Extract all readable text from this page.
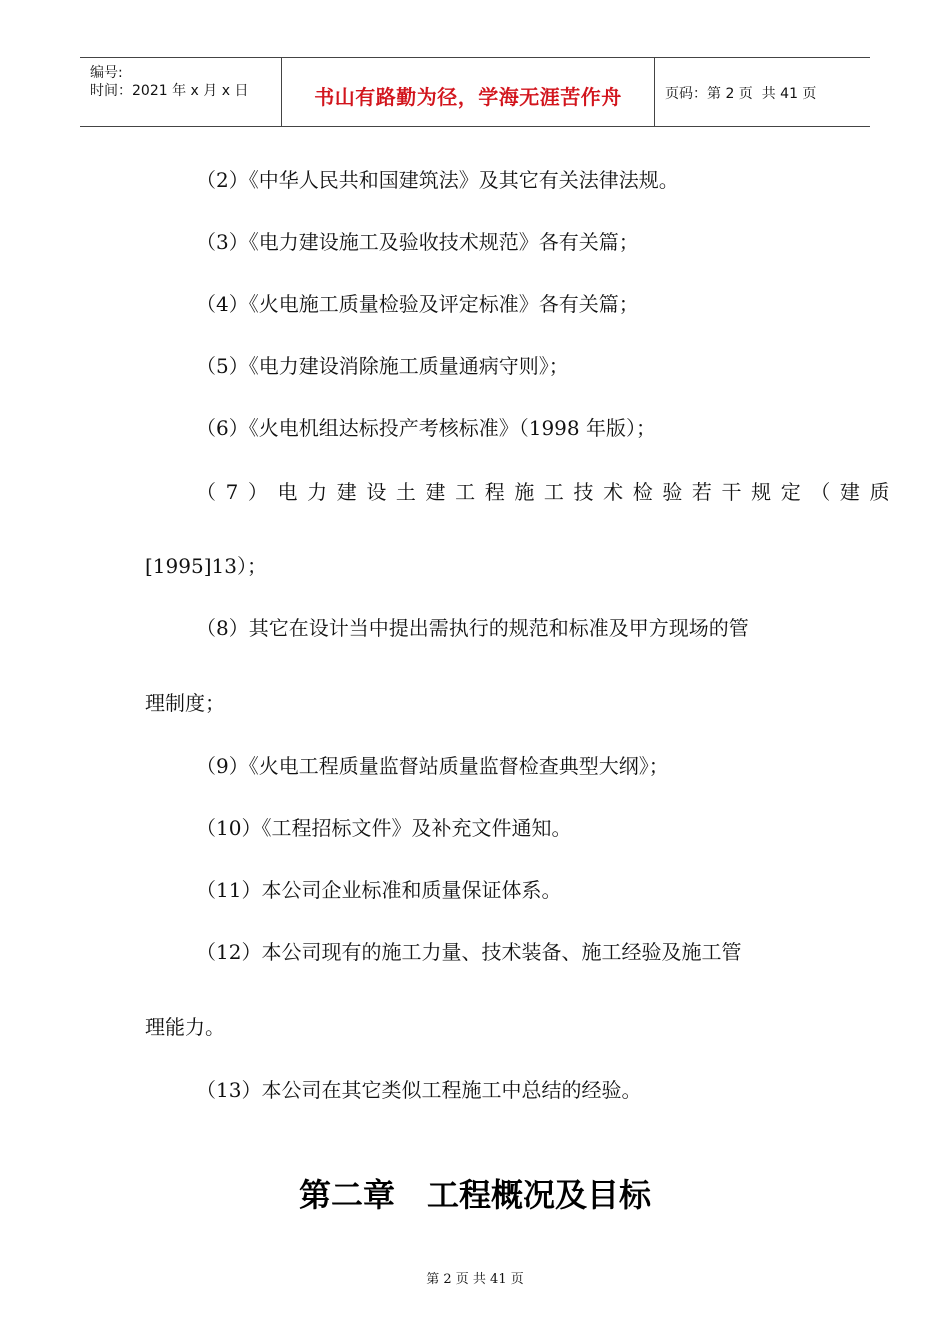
编号:
时间：2021 年 x 月 x 日	书山有路勤为径，学海无涯苦作舟	页码：第 2 页  共 41 页
（2）《中华人民共和国建筑法》及其它有关法律法规。
（3）《电力建设施工及验收技术规范》各有关篇；
（4）《火电施工质量检验及评定标准》各有关篇；
（5）《电力建设消除施工质量通病守则》；
（6）《火电机组达标投产考核标准》（1998 年版）；
（7）电力建设土建工程施工技术检验若干规定（建质
[1995]13）；
（8）其它在设计当中提出需执行的规范和标准及甲方现场的管
理制度；
（9）《火电工程质量监督站质量监督检查典型大纲》；
（10）《工程招标文件》及补充文件通知。
（11）本公司企业标准和质量保证体系。
（12）本公司现有的施工力量、技术装备、施工经验及施工管
理能力。
（13）本公司在其它类似工程施工中总结的经验。
第二章　工程概况及目标
第 2 页 共 41 页
